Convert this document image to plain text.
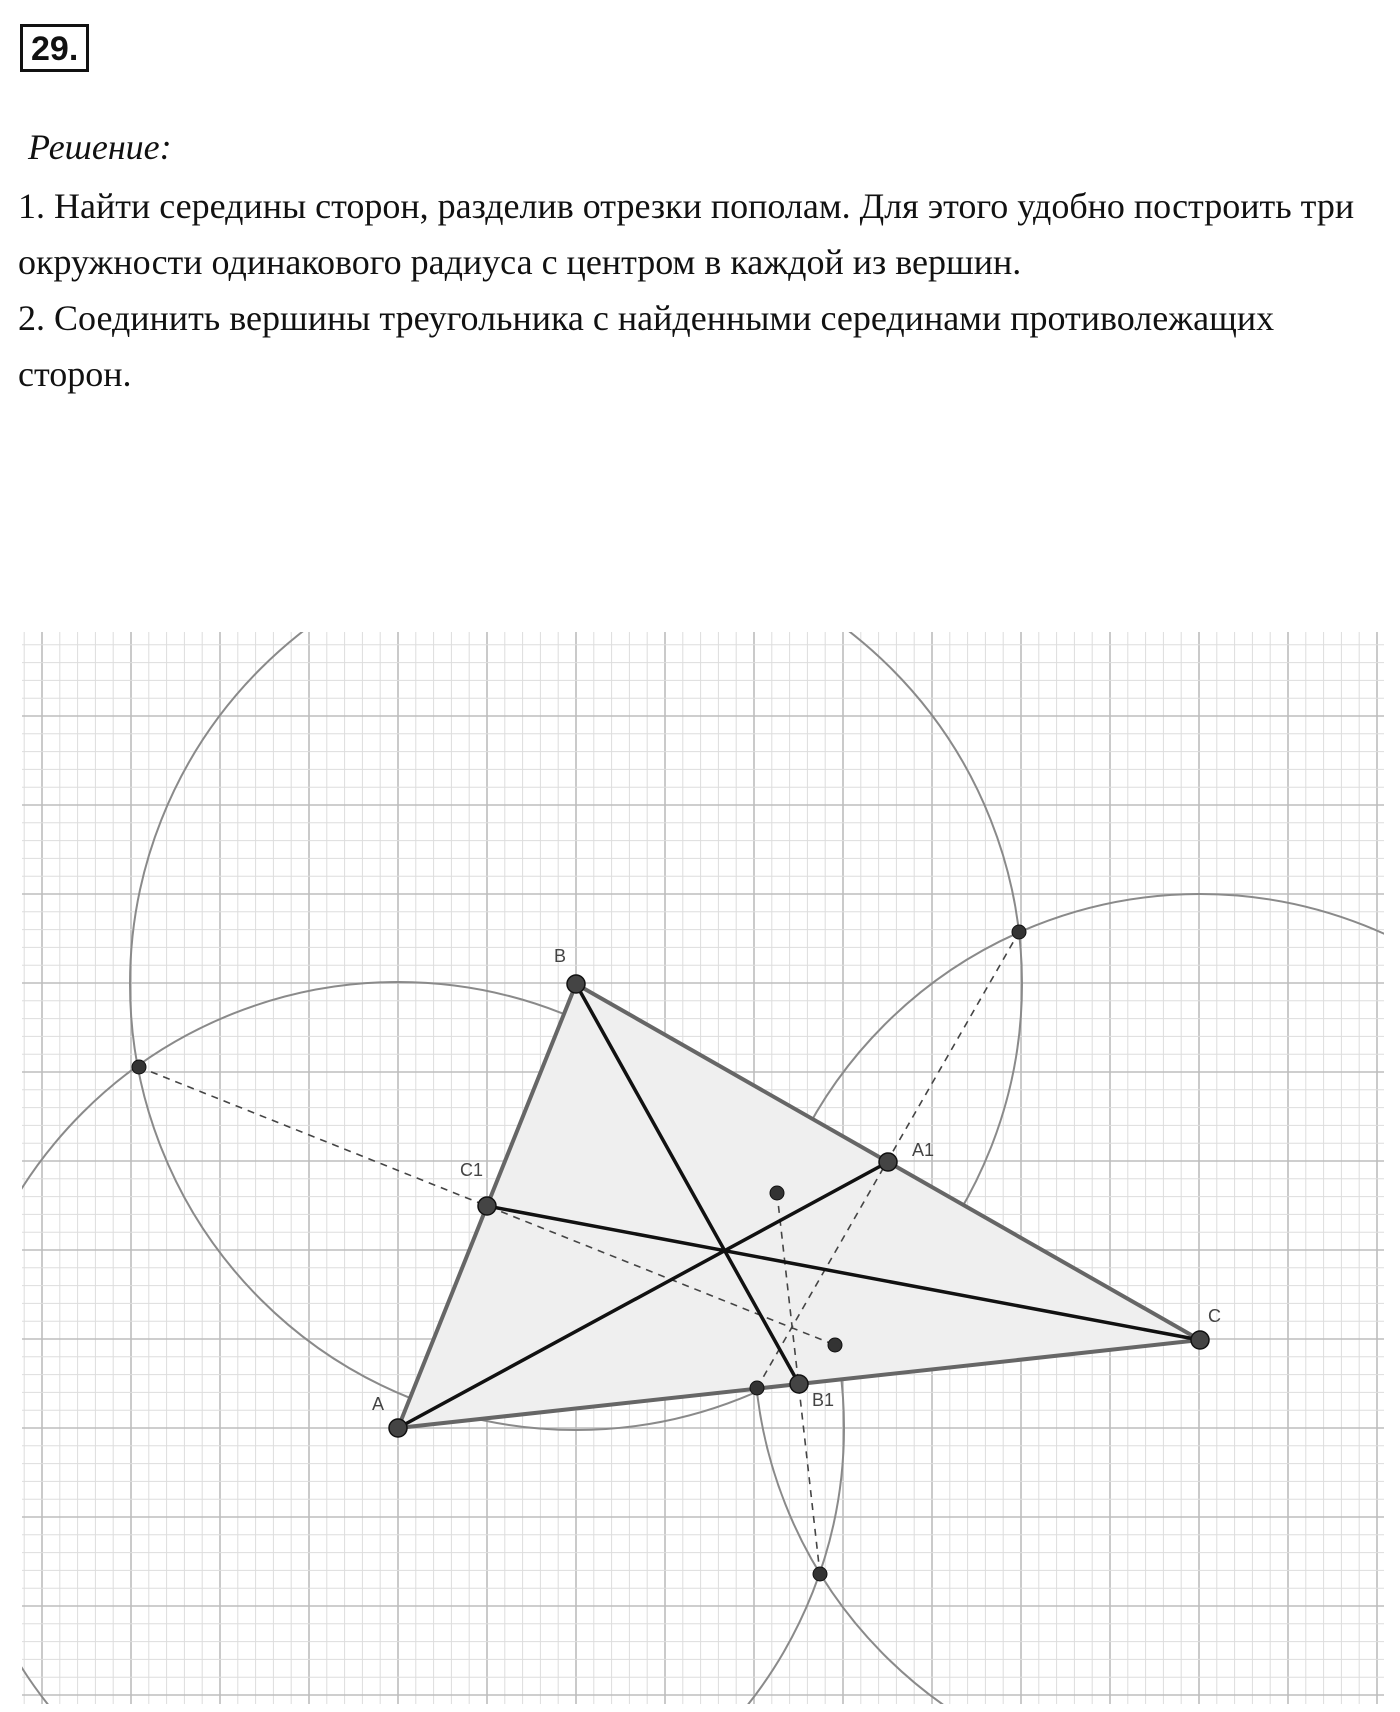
29.
Решение:

1. Найти середины сторон, разделив отрезки пополам. Для этого удобно построить три окружности одинакового радиуса с центром в каждой из вершин.

2. Соединить вершины треугольника с найденными серединами противолежащих сторон.

A
B
C
A1
B1
C1
